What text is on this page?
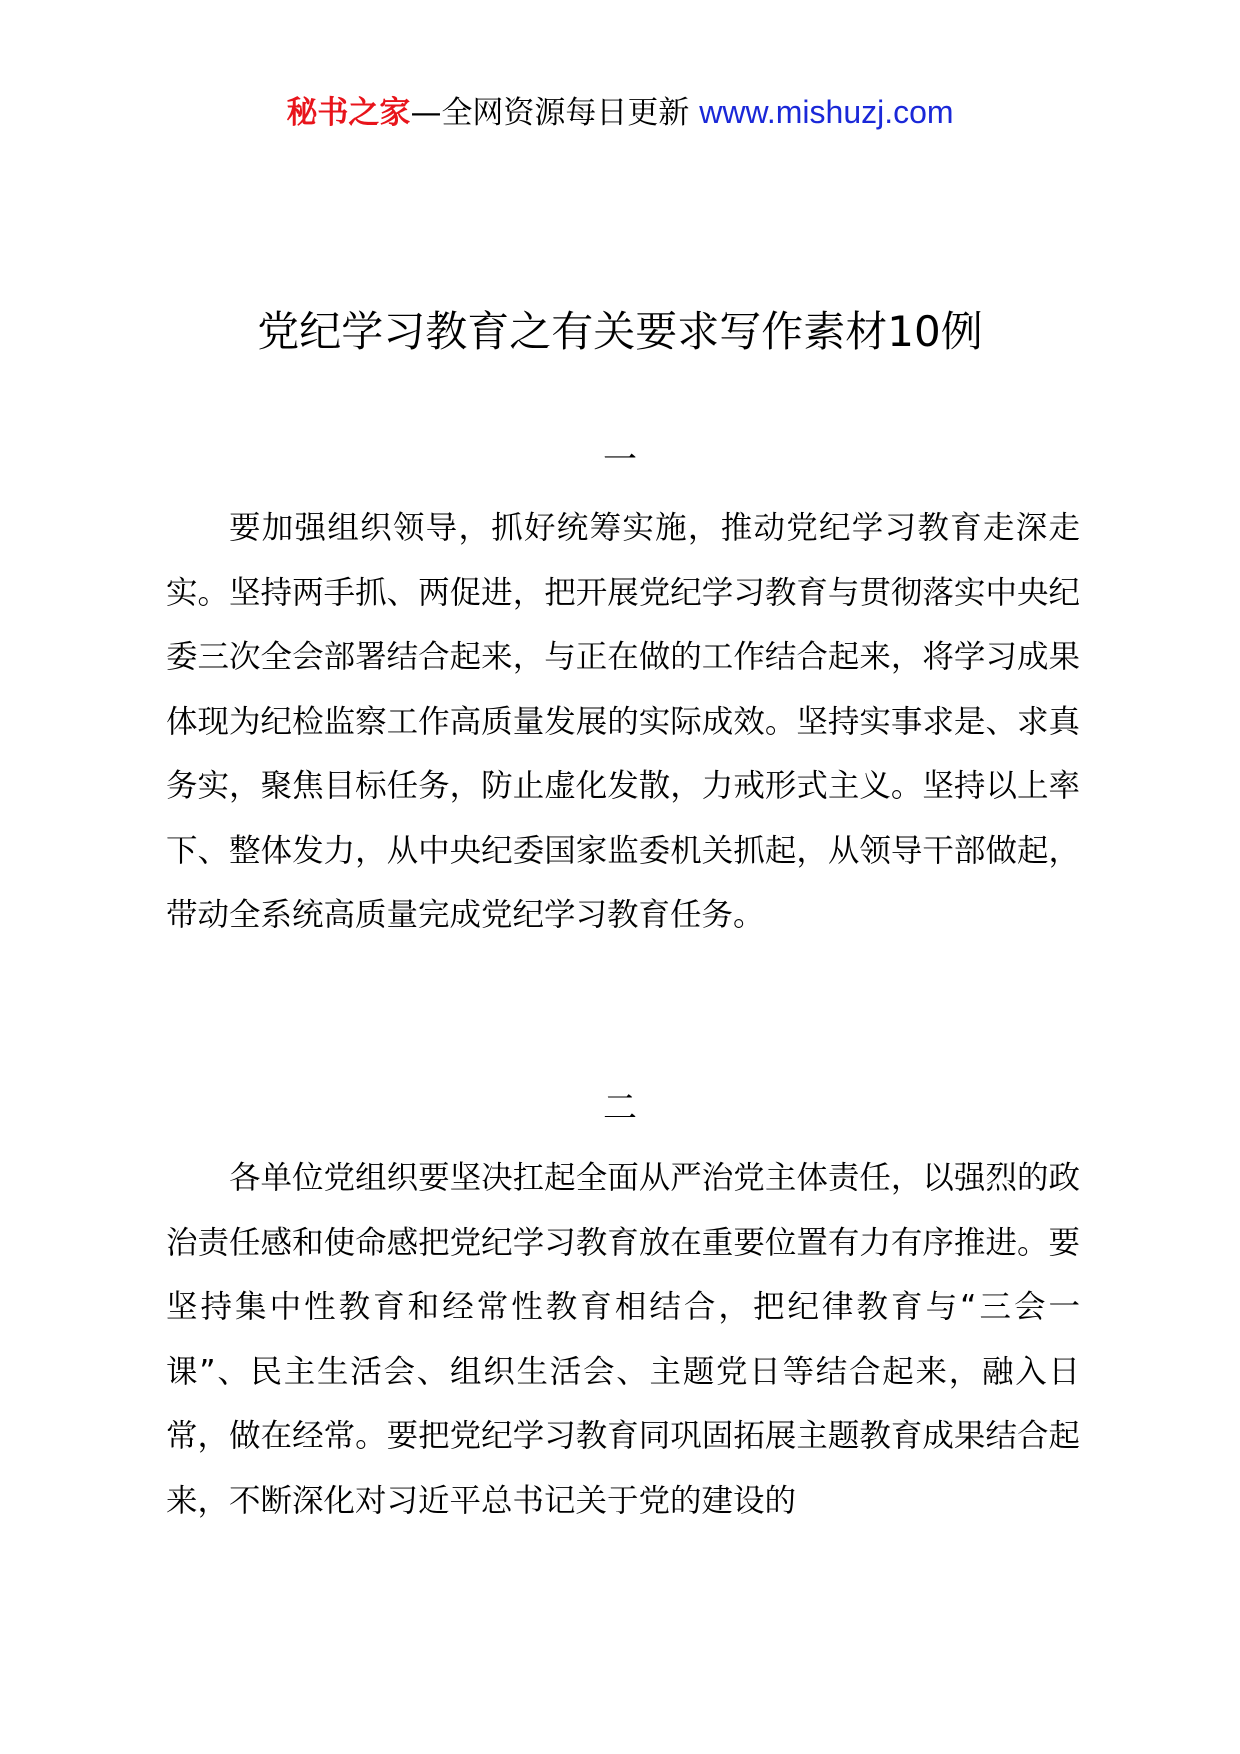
秘书之家—全网资源每日更新 www.mishuzj.com
党纪学习教育之有关要求写作素材10例
一

要加强组织领导，抓好统筹实施，推动党纪学习教育走深走实。坚持两手抓、两促进，把开展党纪学习教育与贯彻落实中央纪委三次全会部署结合起来，与正在做的工作结合起来，将学习成果体现为纪检监察工作高质量发展的实际成效。坚持实事求是、求真务实，聚焦目标任务，防止虚化发散，力戒形式主义。坚持以上率下、整体发力，从中央纪委国家监委机关抓起，从领导干部做起，带动全系统高质量完成党纪学习教育任务。

二

各单位党组织要坚决扛起全面从严治党主体责任，以强烈的政治责任感和使命感把党纪学习教育放在重要位置有力有序推进。要坚持集中性教育和经常性教育相结合，把纪律教育与“三会一课”、民主生活会、组织生活会、主题党日等结合起来，融入日常，做在经常。要把党纪学习教育同巩固拓展主题教育成果结合起来，不断深化对习近平总书记关于党的建设的
